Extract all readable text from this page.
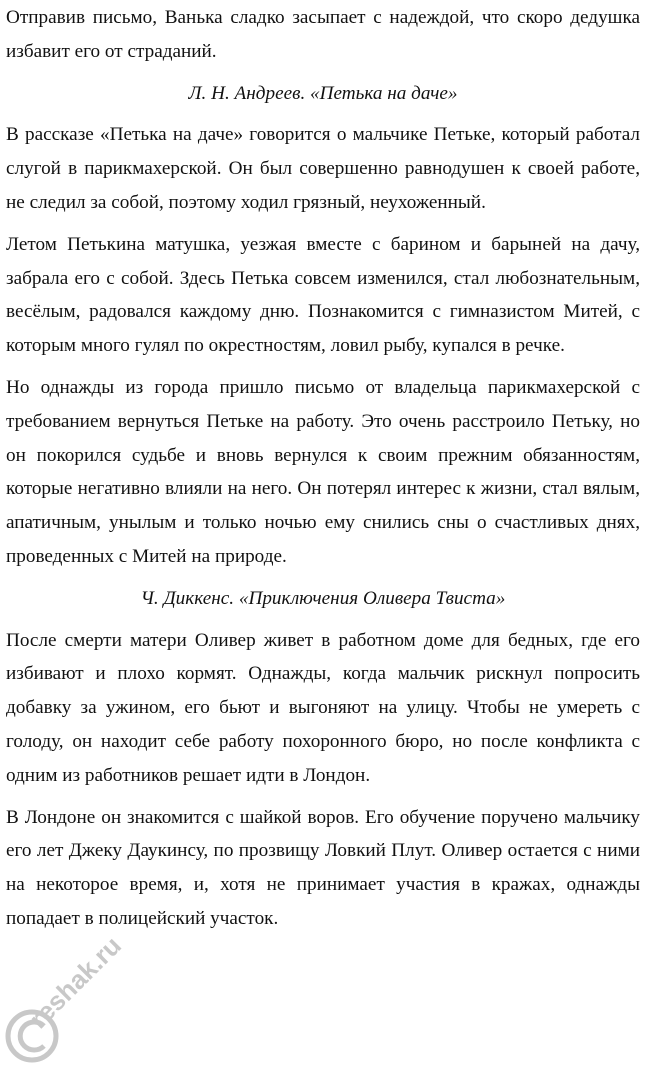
Отправив письмо, Ванька сладко засыпает с надеждой, что скоро дедушка избавит его от страданий.

Л. Н. Андреев. «Петька на даче»

В рассказе «Петька на даче» говорится о мальчике Петьке, который работал слугой в парикмахерской. Он был совершенно равнодушен к своей работе, не следил за собой, поэтому ходил грязный, неухоженный.

Летом Петькина матушка, уезжая вместе с барином и барыней на дачу, забрала его с собой. Здесь Петька совсем изменился, стал любознательным, весёлым, радовался каждому дню. Познакомится с гимназистом Митей, с которым много гулял по окрестностям, ловил рыбу, купался в речке.

Но однажды из города пришло письмо от владельца парикмахерской с требованием вернуться Петьке на работу. Это очень расстроило Петьку, но он покорился судьбе и вновь вернулся к своим прежним обязанностям, которые негативно влияли на него. Он потерял интерес к жизни, стал вялым, апатичным, унылым и только ночью ему снились сны о счастливых днях, проведенных с Митей на природе.

Ч. Диккенс. «Приключения Оливера Твиста»

После смерти матери Оливер живет в работном доме для бедных, где его избивают и плохо кормят. Однажды, когда мальчик рискнул попросить добавку за ужином, его бьют и выгоняют на улицу. Чтобы не умереть с голоду, он находит себе работу похоронного бюро, но после конфликта с одним из работников решает идти в Лондон.

В Лондоне он знакомится с шайкой воров. Его обучение поручено мальчику его лет Джеку Даукинсу, по прозвищу Ловкий Плут. Оливер остается с ними на некоторое время, и, хотя не принимает участия в кражах, однажды попадает в полицейский участок.

reshak.ru
